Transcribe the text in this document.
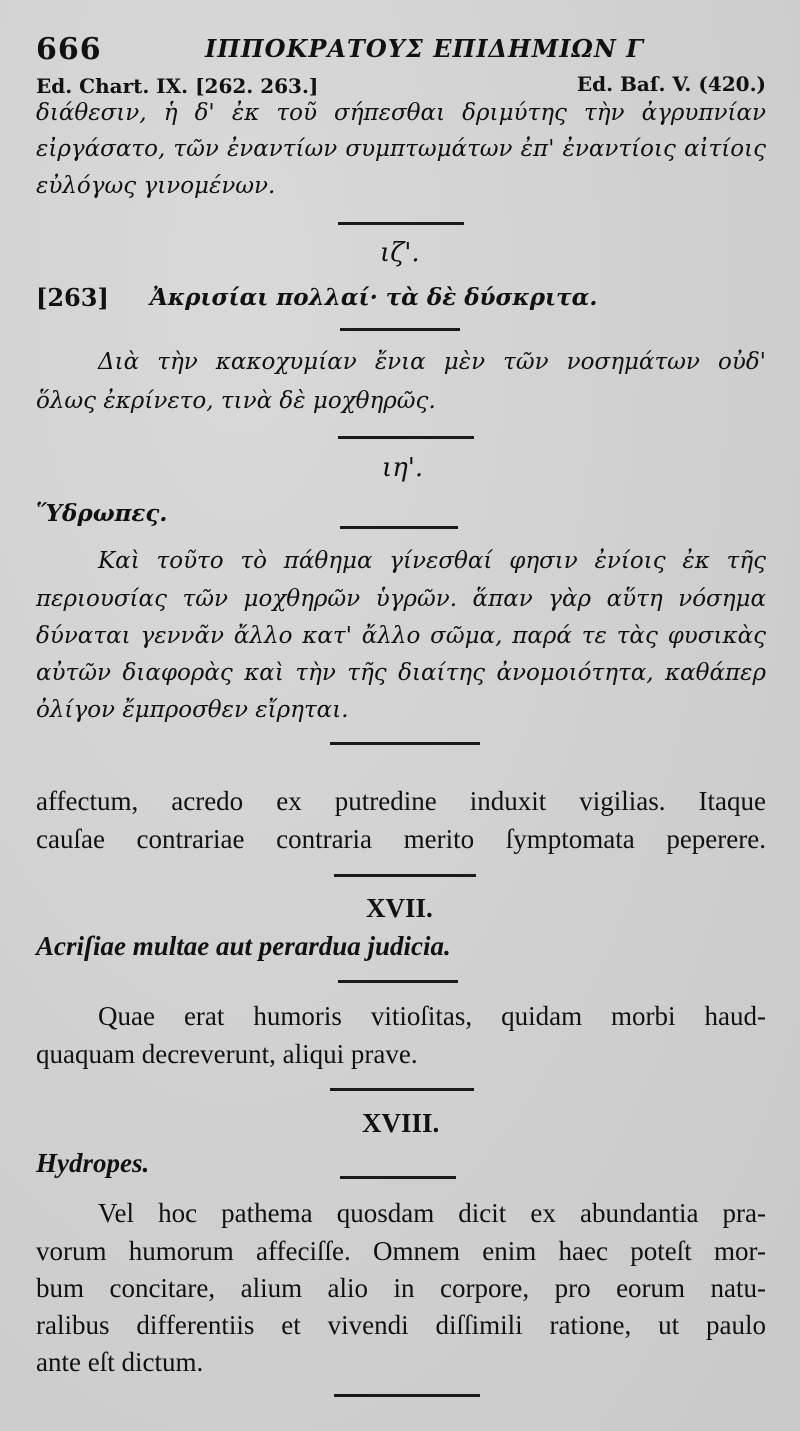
666	ΙΠΠΟΚΡΑΤΟΥΣ ΕΠΙΔΗΜΙΩΝ Γ
Ed. Chart. IX. [262. 263.]	Ed. Baſ. V. (420.)
διάθεσιν, ἡ δ' ἐκ τοῦ σήπεσθαι δριμύτης τὴν ἀγρυπνίαν
εἰργάσατο, τῶν ἐναντίων συμπτωμάτων ἐπ' ἐναντίοις αἰτίοις
εὐλόγως γινομένων.
ιζ'.
[263] Ἀκρισίαι πολλαί· τὰ δὲ δύσκριτα.
Διὰ τὴν κακοχυμίαν ἔνια μὲν τῶν νοσημάτων οὐδ'
ὅλως ἐκρίνετο, τινὰ δὲ μοχθηρῶς.
ιη'.
Ὕδρωπες.
Καὶ τοῦτο τὸ πάθημα γίνεσθαί φησιν ἐνίοις ἐκ τῆς
περιουσίας τῶν μοχθηρῶν ὑγρῶν. ἅπαν γὰρ αὕτη νόσημα
δύναται γεννᾶν ἄλλο κατ' ἄλλο σῶμα, παρά τε τὰς φυσικὰς
αὐτῶν διαφορὰς καὶ τὴν τῆς διαίτης ἀνομοιότητα, καθάπερ
ὀλίγον ἔμπροσθεν εἴρηται.
affectum, acredo ex putredine induxit vigilias. Itaque
cauſae contrariae contraria merito ſymptomata peperere.
XVII.
Acriſiae multae aut perardua judicia.
Quae erat humoris vitioſitas, quidam morbi haud-
quaquam decreverunt, aliqui prave.
XVIII.
Hydropes.
Vel hoc pathema quosdam dicit ex abundantia pra-
vorum humorum affeciſſe. Omnem enim haec poteſt mor-
bum concitare, alium alio in corpore, pro eorum natu-
ralibus differentiis et vivendi diſſimili ratione, ut paulo
ante eſt dictum.
